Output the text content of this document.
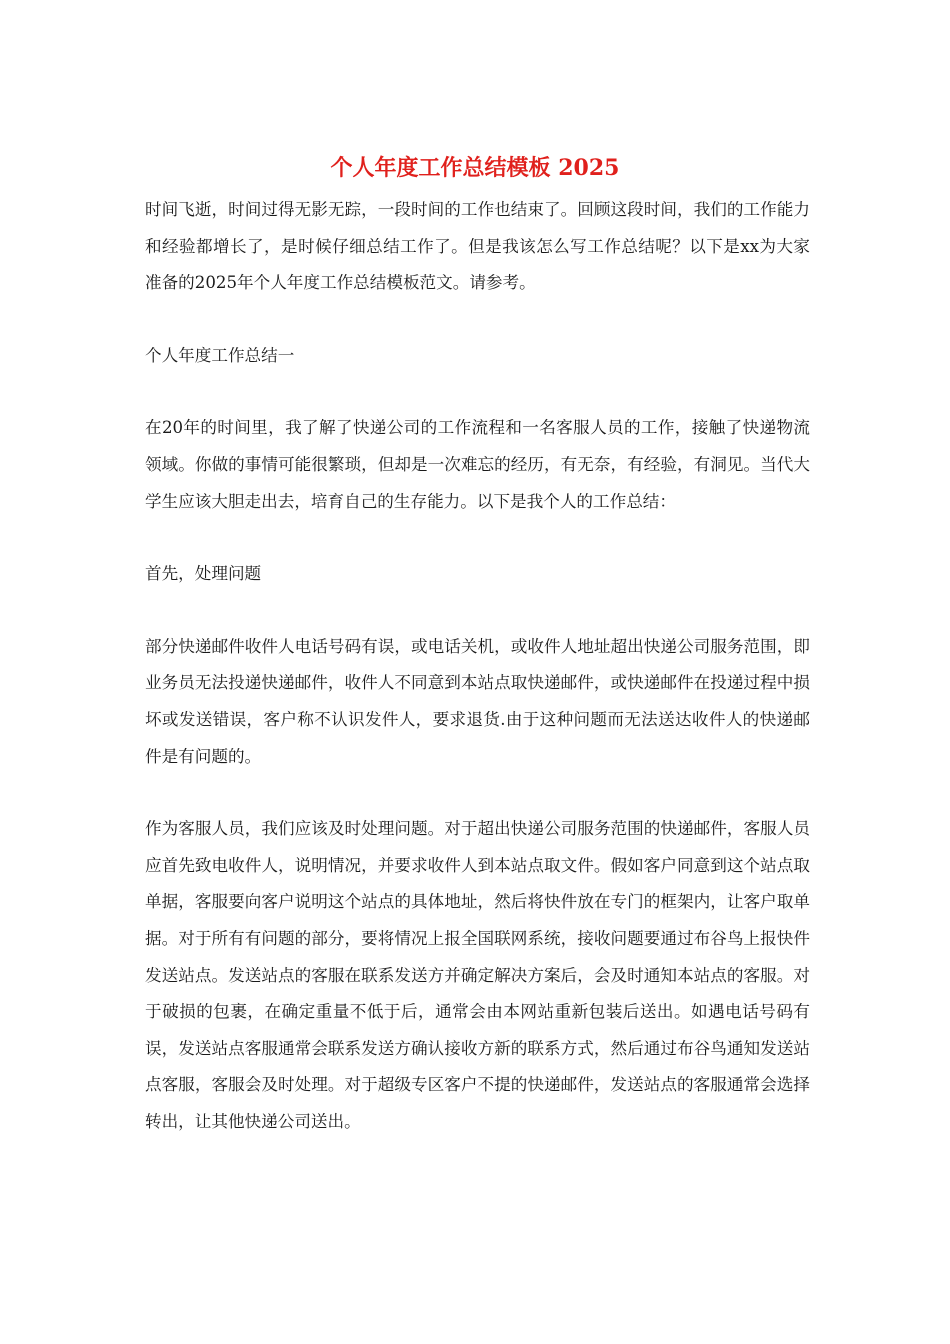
个人年度工作总结模板 2025

时间飞逝，时间过得无影无踪，一段时间的工作也结束了。回顾这段时间，我们的工作能力和经验都增长了，是时候仔细总结工作了。但是我该怎么写工作总结呢？以下是xx为大家准备的2025年个人年度工作总结模板范文。请参考。

个人年度工作总结一

在20年的时间里，我了解了快递公司的工作流程和一名客服人员的工作，接触了快递物流领域。你做的事情可能很繁琐，但却是一次难忘的经历，有无奈，有经验，有洞见。当代大学生应该大胆走出去，培育自己的生存能力。以下是我个人的工作总结：

首先，处理问题

部分快递邮件收件人电话号码有误，或电话关机，或收件人地址超出快递公司服务范围，即业务员无法投递快递邮件，收件人不同意到本站点取快递邮件，或快递邮件在投递过程中损坏或发送错误，客户称不认识发件人，要求退货.由于这种问题而无法送达收件人的快递邮件是有问题的。

作为客服人员，我们应该及时处理问题。对于超出快递公司服务范围的快递邮件，客服人员应首先致电收件人，说明情况，并要求收件人到本站点取文件。假如客户同意到这个站点取单据，客服要向客户说明这个站点的具体地址，然后将快件放在专门的框架内，让客户取单据。对于所有有问题的部分，要将情况上报全国联网系统，接收问题要通过布谷鸟上报快件发送站点。发送站点的客服在联系发送方并确定解决方案后，会及时通知本站点的客服。对于破损的包裹，在确定重量不低于后，通常会由本网站重新包装后送出。如遇电话号码有误，发送站点客服通常会联系发送方确认接收方新的联系方式，然后通过布谷鸟通知发送站点客服，客服会及时处理。对于超级专区客户不提的快递邮件，发送站点的客服通常会选择转出，让其他快递公司送出。
